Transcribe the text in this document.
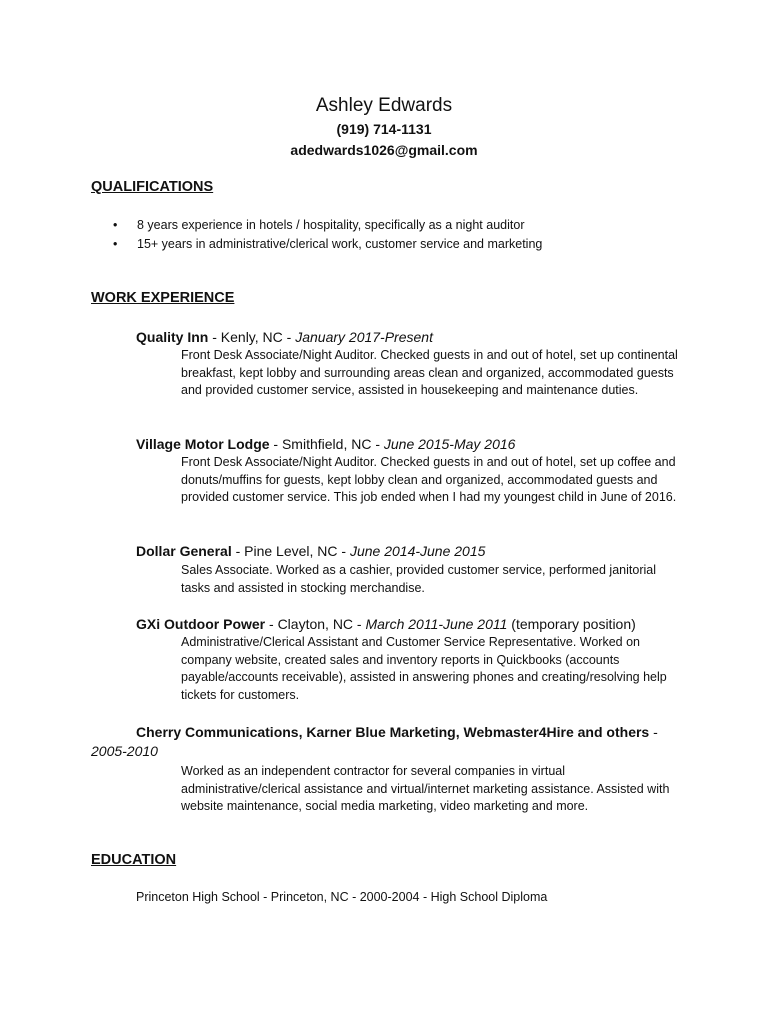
Ashley Edwards
(919) 714-1131
adedwards1026@gmail.com
QUALIFICATIONS
• 8 years experience in hotels / hospitality, specifically as a night auditor
• 15+ years in administrative/clerical work, customer service and marketing
WORK EXPERIENCE
Quality Inn - Kenly, NC - January 2017-Present
Front Desk Associate/Night Auditor. Checked guests in and out of hotel, set up continental breakfast, kept lobby and surrounding areas clean and organized, accommodated guests and provided customer service, assisted in housekeeping and maintenance duties.
Village Motor Lodge - Smithfield, NC - June 2015-May 2016
Front Desk Associate/Night Auditor. Checked guests in and out of hotel, set up coffee and donuts/muffins for guests, kept lobby clean and organized, accommodated guests and provided customer service. This job ended when I had my youngest child in June of 2016.
Dollar General - Pine Level, NC - June 2014-June 2015
Sales Associate. Worked as a cashier, provided customer service, performed janitorial tasks and assisted in stocking merchandise.
GXi Outdoor Power - Clayton, NC - March 2011-June 2011 (temporary position)
Administrative/Clerical Assistant and Customer Service Representative. Worked on company website, created sales and inventory reports in Quickbooks (accounts payable/accounts receivable), assisted in answering phones and creating/resolving help tickets for customers.
Cherry Communications, Karner Blue Marketing, Webmaster4Hire and others -
2005-2010
Worked as an independent contractor for several companies in virtual administrative/clerical assistance and virtual/internet marketing assistance. Assisted with website maintenance, social media marketing, video marketing and more.
EDUCATION
Princeton High School - Princeton, NC - 2000-2004 - High School Diploma
